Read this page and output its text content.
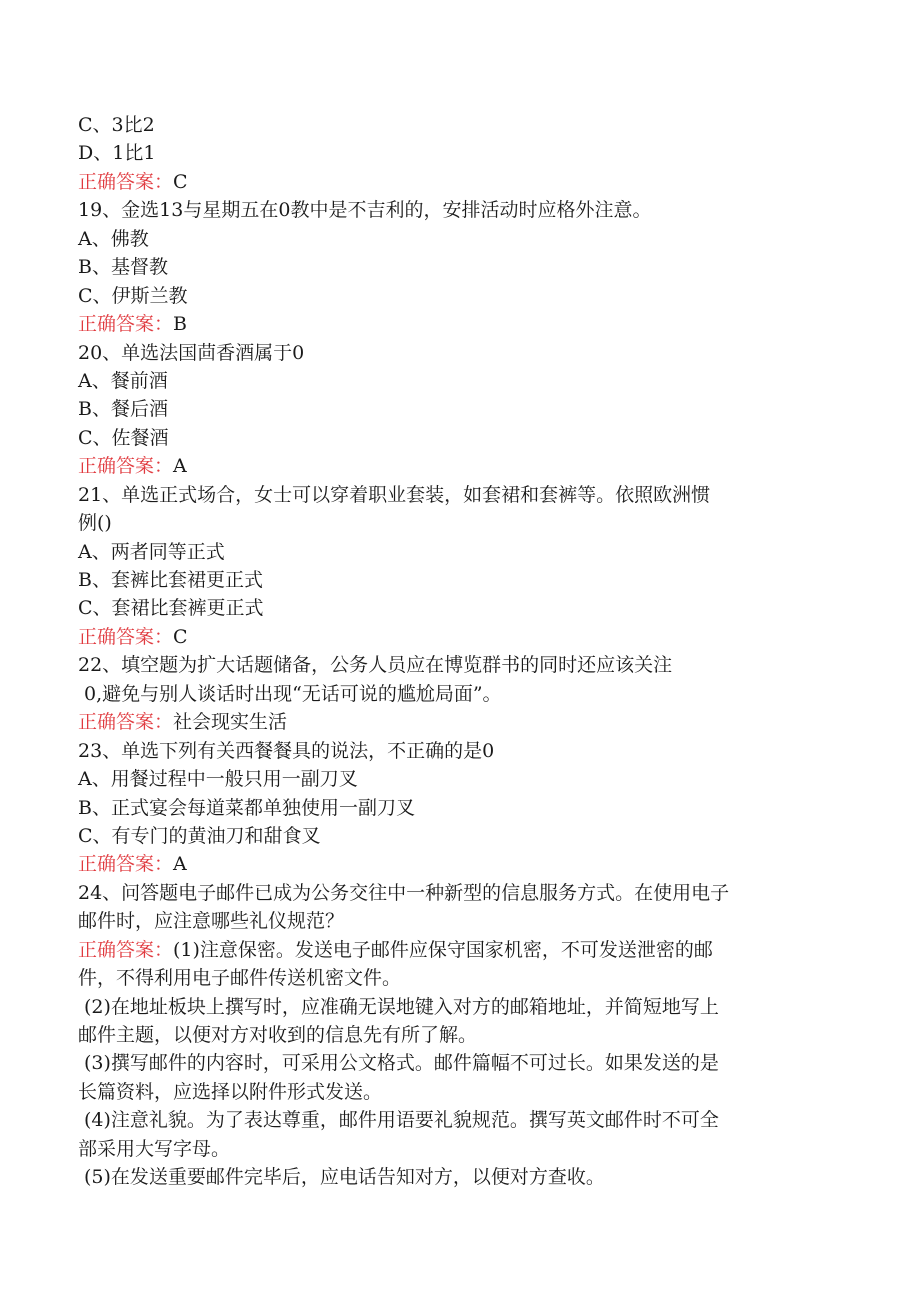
C、3比2
D、1比1
正确答案：C
19、金选13与星期五在0教中是不吉利的，安排活动时应格外注意。
A、佛教
B、基督教
C、伊斯兰教
正确答案：B
20、单选法国茴香酒属于0
A、餐前酒
B、餐后酒
C、佐餐酒
正确答案：A
21、单选正式场合，女士可以穿着职业套装，如套裙和套裤等。依照欧洲惯
例()
A、两者同等正式
B、套裤比套裙更正式
C、套裙比套裤更正式
正确答案：C
22、填空题为扩大话题储备，公务人员应在博览群书的同时还应该关注
0,避免与别人谈话时出现“无话可说的尴尬局面”。
正确答案：社会现实生活
23、单选下列有关西餐餐具的说法，不正确的是0
A、用餐过程中一般只用一副刀叉
B、正式宴会每道菜都单独使用一副刀叉
C、有专门的黄油刀和甜食叉
正确答案：A
24、问答题电子邮件已成为公务交往中一种新型的信息服务方式。在使用电子
邮件时，应注意哪些礼仪规范？
正确答案：(1)注意保密。发送电子邮件应保守国家机密，不可发送泄密的邮
件，不得利用电子邮件传送机密文件。
(2)在地址板块上撰写时，应准确无误地键入对方的邮箱地址，并简短地写上
邮件主题，以便对方对收到的信息先有所了解。
(3)撰写邮件的内容时，可采用公文格式。邮件篇幅不可过长。如果发送的是
长篇资料，应选择以附件形式发送。
(4)注意礼貌。为了表达尊重，邮件用语要礼貌规范。撰写英文邮件时不可全
部采用大写字母。
(5)在发送重要邮件完毕后，应电话告知对方，以便对方查收。
